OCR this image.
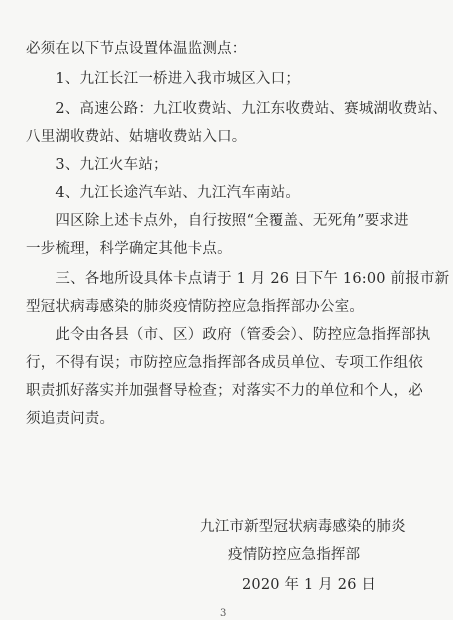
必须在以下节点设置体温监测点：
　　1、九江长江一桥进入我市城区入口；
　　2、高速公路：九江收费站、九江东收费站、赛城湖收费站、
八里湖收费站、姑塘收费站入口。
　　3、九江火车站；
　　4、九江长途汽车站、九江汽车南站。
　　四区除上述卡点外，自行按照“全覆盖、无死角”要求进
一步梳理，科学确定其他卡点。
　　三、各地所设具体卡点请于 1 月 26 日下午 16:00 前报市新
型冠状病毒感染的肺炎疫情防控应急指挥部办公室。
　　此令由各县（市、区）政府（管委会）、防控应急指挥部执
行，不得有误；市防控应急指挥部各成员单位、专项工作组依
职责抓好落实并加强督导检查；对落实不力的单位和个人，必
须追责问责。
九江市新型冠状病毒感染的肺炎
疫情防控应急指挥部
2020 年 1 月 26 日
3
